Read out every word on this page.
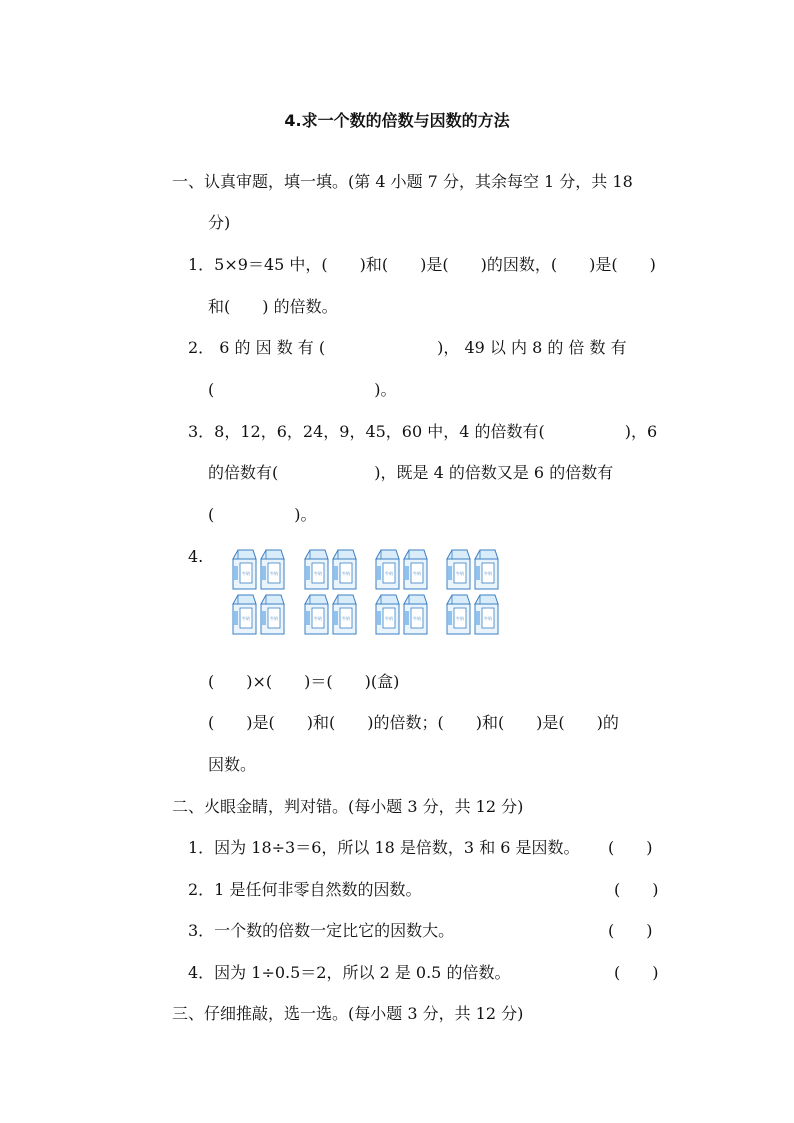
4.求一个数的倍数与因数的方法
一、认真审题，填一填。(第 4 小题 7 分，其余每空 1 分，共 18
分)
1．5×9＝45 中，(　　)和(　　)是(　　)的因数，(　　)是(　　)
和(　　) 的倍数。
2． 6 的 因 数 有 (　　　　　　　)， 49 以 内 8 的 倍 数 有
(　　　　　　　　　　)。
3．8，12，6，24，9，45，60 中，4 的倍数有(　　　　　)，6
的倍数有(　　　　　　)，既是 4 的倍数又是 6 的倍数有
(　　　　　)。
4.
牛奶	牛奶	牛奶	牛奶	牛奶	牛奶	牛奶	牛奶
牛奶	牛奶	牛奶	牛奶	牛奶	牛奶	牛奶	牛奶
(　　)×(　　)＝(　　)(盒)
(　　)是(　　)和(　　)的倍数；(　　)和(　　)是(　　)的
因数。
二、火眼金睛，判对错。(每小题 3 分，共 12 分)
1．因为 18÷3＝6，所以 18 是倍数，3 和 6 是因数。 (　　)
2．1 是任何非零自然数的因数。	(　　)
3．一个数的倍数一定比它的因数大。	(　　)
4．因为 1÷0.5＝2，所以 2 是 0.5 的倍数。	(　　)
三、仔细推敲，选一选。(每小题 3 分，共 12 分)
